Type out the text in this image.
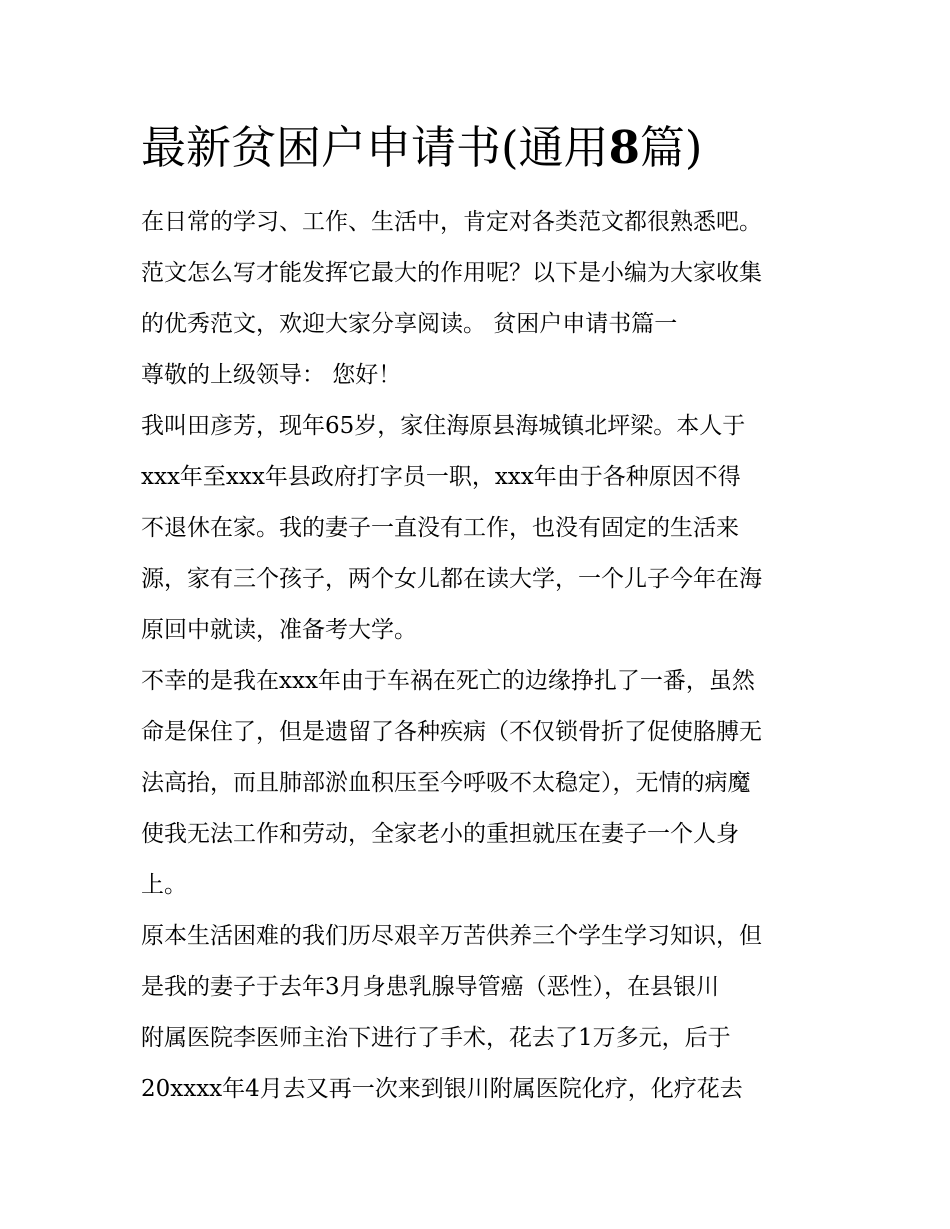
最新贫困户申请书(通用8篇)
在日常的学习、工作、生活中，肯定对各类范文都很熟悉吧。
范文怎么写才能发挥它最大的作用呢？以下是小编为大家收集
的优秀范文，欢迎大家分享阅读。 贫困户申请书篇一
尊敬的上级领导： 您好！
我叫田彦芳，现年65岁，家住海原县海城镇北坪梁。本人于
xxx年至xxx年县政府打字员一职，xxx年由于各种原因不得
不退休在家。我的妻子一直没有工作，也没有固定的生活来
源，家有三个孩子，两个女儿都在读大学，一个儿子今年在海
原回中就读，准备考大学。
不幸的是我在xxx年由于车祸在死亡的边缘挣扎了一番，虽然
命是保住了，但是遗留了各种疾病（不仅锁骨折了促使胳膊无
法高抬，而且肺部淤血积压至今呼吸不太稳定），无情的病魔
使我无法工作和劳动，全家老小的重担就压在妻子一个人身
上。
原本生活困难的我们历尽艰辛万苦供养三个学生学习知识，但
是我的妻子于去年3月身患乳腺导管癌（恶性），在县银川
附属医院李医师主治下进行了手术，花去了1万多元，后于
20xxxx年4月去又再一次来到银川附属医院化疗，化疗花去
